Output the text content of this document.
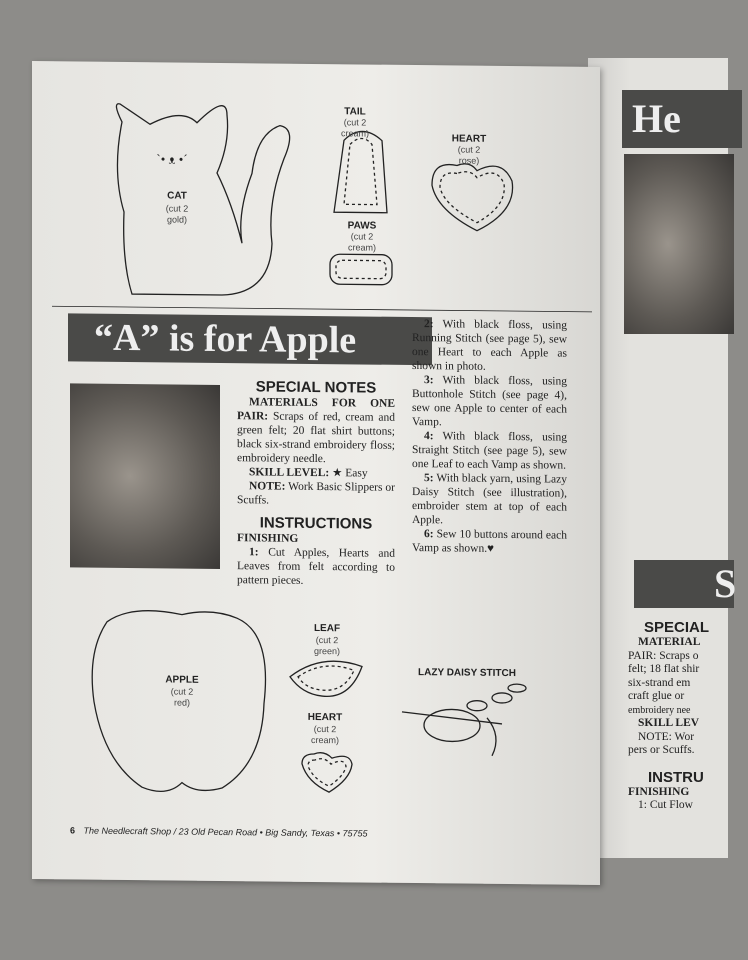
He
S
SPECIAL
MATERIAL
PAIR: Scraps o
felt; 18 flat shir
six-strand em
craft glue or
embroidery nee
SKILL LEV
NOTE: Wor
pers or Scuffs.
INSTRU
FINISHING
1: Cut Flow
ˋ• ᴥ •ˊ
CAT
(cut 2
gold)
TAIL
(cut 2
cream)
PAWS
(cut 2
cream)
HEART
(cut 2
rose)
“A” is for Apple
SPECIAL NOTES

MATERIALS FOR ONE PAIR: Scraps of red, cream and green felt; 20 flat shirt buttons; black six-strand embroidery floss; embroidery needle.

SKILL LEVEL: ★ Easy

NOTE: Work Basic Slippers or Scuffs.

INSTRUCTIONS

FINISHING

1: Cut Apples, Hearts and Leaves from felt according to pattern pieces.

2: With black floss, using Running Stitch (see page 5), sew one Heart to each Apple as shown in photo.

3: With black floss, using Buttonhole Stitch (see page 4), sew one Apple to center of each Vamp.

4: With black floss, using Straight Stitch (see page 5), sew one Leaf to each Vamp as shown.

5: With black yarn, using Lazy Daisy Stitch (see illustration), embroider stem at top of each Apple.

6: Sew 10 buttons around each Vamp as shown.♥

APPLE
(cut 2
red)
LEAF
(cut 2
green)
HEART
(cut 2
cream)
LAZY DAISY STITCH
6 The Needlecraft Shop / 23 Old Pecan Road • Big Sandy, Texas • 75755
